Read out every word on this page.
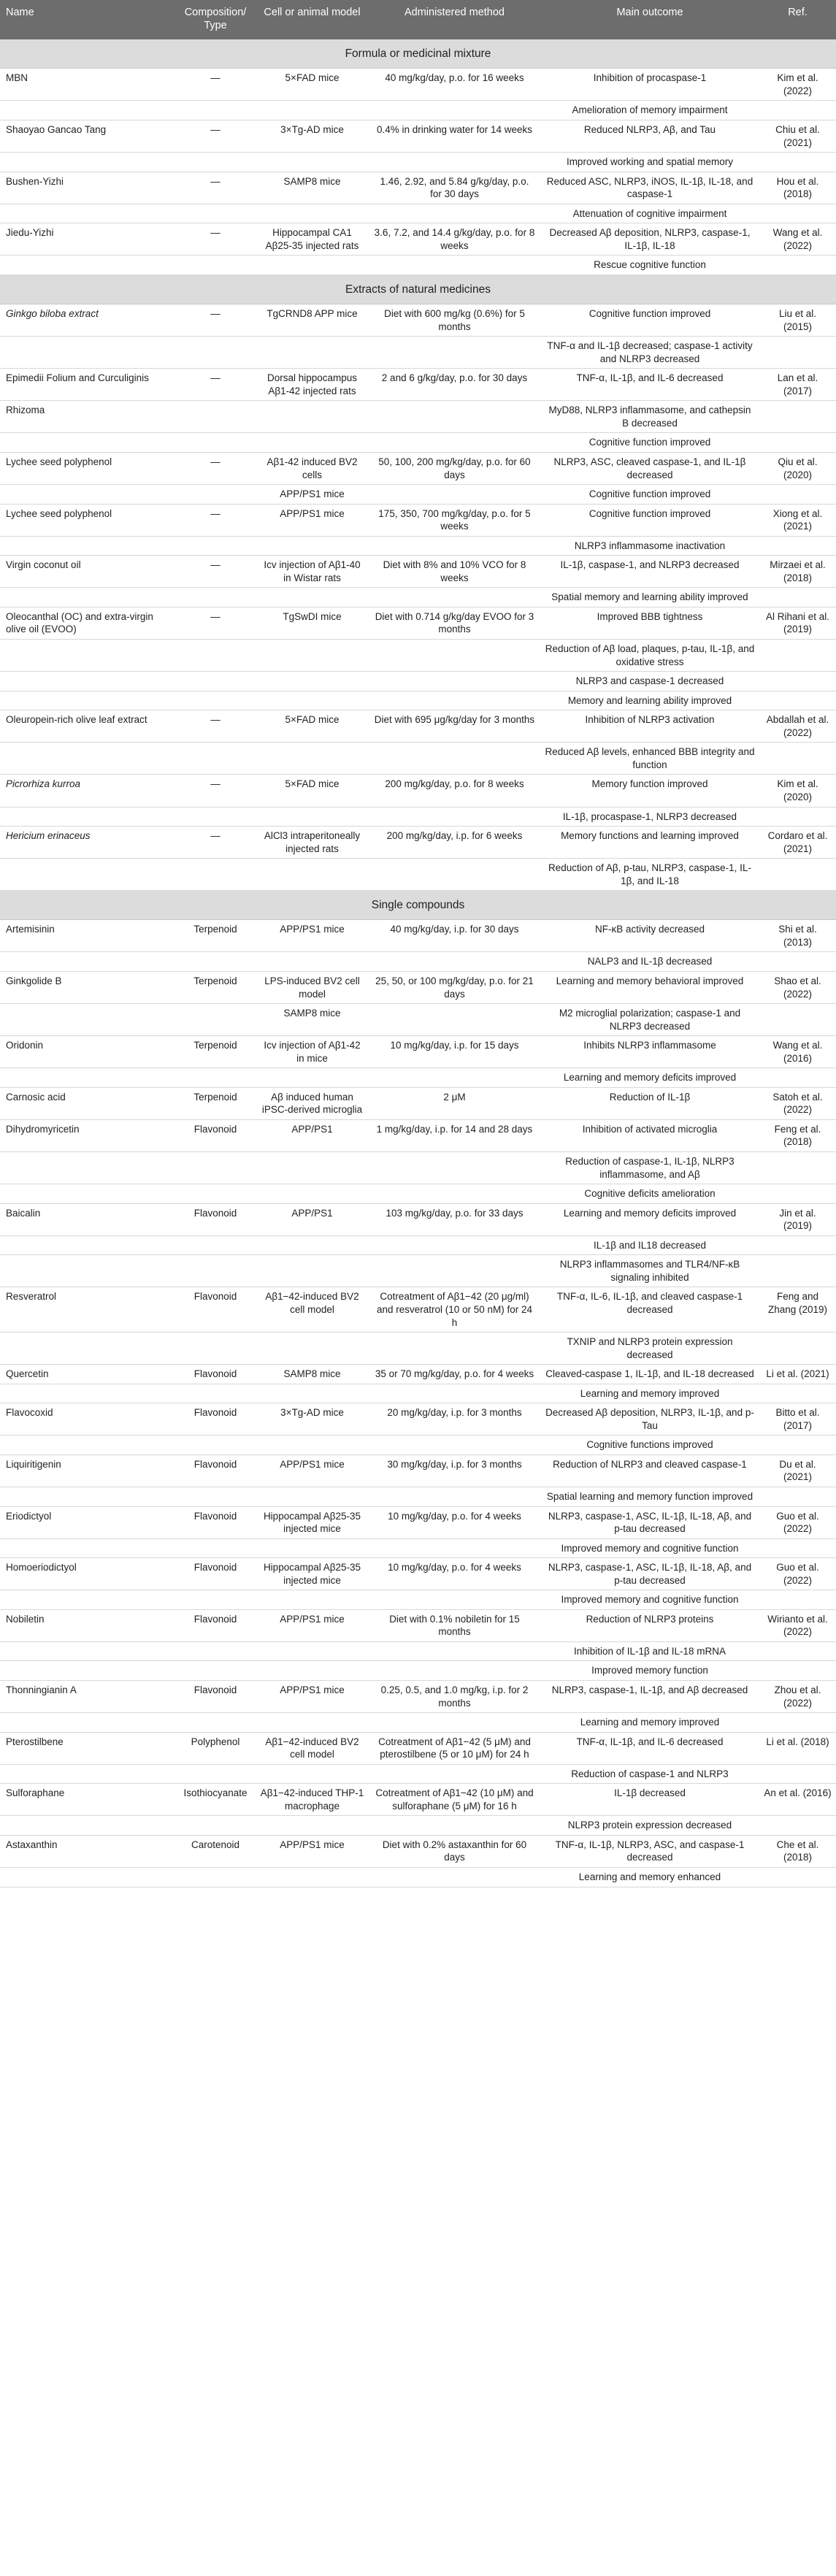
Name	Composition/ Type	Cell or animal model	Administered method	Main outcome	Ref.
Formula or medicinal mixture					
MBN	—	5×FAD mice	40 mg/kg/day, p.o. for 16 weeks	Inhibition of procaspase-1	Kim et al. (2022)
				Amelioration of memory impairment	
Shaoyao Gancao Tang	—	3×Tg-AD mice	0.4% in drinking water for 14 weeks	Reduced NLRP3, Aβ, and Tau	Chiu et al. (2021)
				Improved working and spatial memory	
Bushen-Yizhi	—	SAMP8 mice	1.46, 2.92, and 5.84 g/kg/day, p.o. for 30 days	Reduced ASC, NLRP3, iNOS, IL-1β, IL-18, and caspase-1	Hou et al. (2018)
				Attenuation of cognitive impairment	
Jiedu-Yizhi	—	Hippocampal CA1 Aβ25-35 injected rats	3.6, 7.2, and 14.4 g/kg/day, p.o. for 8 weeks	Decreased Aβ deposition, NLRP3, caspase-1, IL-1β, IL-18	Wang et al. (2022)
				Rescue cognitive function	
Extracts of natural medicines					
Ginkgo biloba extract	—	TgCRND8 APP mice	Diet with 600 mg/kg (0.6%) for 5 months	Cognitive function improved	Liu et al. (2015)
				TNF-α and IL-1β decreased; caspase-1 activity and NLRP3 decreased	
Epimedii Folium and Curculiginis	—	Dorsal hippocampus Aβ1-42 injected rats	2 and 6 g/kg/day, p.o. for 30 days	TNF-α, IL-1β, and IL-6 decreased	Lan et al. (2017)
Rhizoma				MyD88, NLRP3 inflammasome, and cathepsin B decreased	
				Cognitive function improved	
Lychee seed polyphenol	—	Aβ1-42 induced BV2 cells	50, 100, 200 mg/kg/day, p.o. for 60 days	NLRP3, ASC, cleaved caspase-1, and IL-1β decreased	Qiu et al. (2020)
		APP/PS1 mice		Cognitive function improved	
Lychee seed polyphenol	—	APP/PS1 mice	175, 350, 700 mg/kg/day, p.o. for 5 weeks	Cognitive function improved	Xiong et al. (2021)
				NLRP3 inflammasome inactivation	
Virgin coconut oil	—	Icv injection of Aβ1-40 in Wistar rats	Diet with 8% and 10% VCO for 8 weeks	IL-1β, caspase-1, and NLRP3 decreased	Mirzaei et al. (2018)
				Spatial memory and learning ability improved	
Oleocanthal (OC) and extra-virgin olive oil (EVOO)	—	TgSwDI mice	Diet with 0.714 g/kg/day EVOO for 3 months	Improved BBB tightness	Al Rihani et al. (2019)
				Reduction of Aβ load, plaques, p-tau, IL-1β, and oxidative stress	
				NLRP3 and caspase-1 decreased	
				Memory and learning ability improved	
Oleuropein-rich olive leaf extract	—	5×FAD mice	Diet with 695 μg/kg/day for 3 months	Inhibition of NLRP3 activation	Abdallah et al. (2022)
				Reduced Aβ levels, enhanced BBB integrity and function	
Picrorhiza kurroa	—	5×FAD mice	200 mg/kg/day, p.o. for 8 weeks	Memory function improved	Kim et al. (2020)
				IL-1β, procaspase-1, NLRP3 decreased	
Hericium erinaceus	—	AlCl3 intraperitoneally injected rats	200 mg/kg/day, i.p. for 6 weeks	Memory functions and learning improved	Cordaro et al. (2021)
				Reduction of Aβ, p-tau, NLRP3, caspase-1, IL-1β, and IL-18	
Single compounds					
Artemisinin	Terpenoid	APP/PS1 mice	40 mg/kg/day, i.p. for 30 days	NF-κB activity decreased	Shi et al. (2013)
				NALP3 and IL-1β decreased	
Ginkgolide B	Terpenoid	LPS-induced BV2 cell model	25, 50, or 100 mg/kg/day, p.o. for 21 days	Learning and memory behavioral improved	Shao et al. (2022)
		SAMP8 mice		M2 microglial polarization; caspase-1 and NLRP3 decreased	
Oridonin	Terpenoid	Icv injection of Aβ1-42 in mice	10 mg/kg/day, i.p. for 15 days	Inhibits NLRP3 inflammasome	Wang et al. (2016)
				Learning and memory deficits improved	
Carnosic acid	Terpenoid	Aβ induced human iPSC-derived microglia	2 μM	Reduction of IL-1β	Satoh et al. (2022)
Dihydromyricetin	Flavonoid	APP/PS1	1 mg/kg/day, i.p. for 14 and 28 days	Inhibition of activated microglia	Feng et al. (2018)
				Reduction of caspase-1, IL-1β, NLRP3 inflammasome, and Aβ	
				Cognitive deficits amelioration	
Baicalin	Flavonoid	APP/PS1	103 mg/kg/day, p.o. for 33 days	Learning and memory deficits improved	Jin et al. (2019)
				IL-1β and IL18 decreased	
				NLRP3 inflammasomes and TLR4/NF-κB signaling inhibited	
Resveratrol	Flavonoid	Aβ1−42-induced BV2 cell model	Cotreatment of Aβ1−42 (20 μg/ml) and resveratrol (10 or 50 nM) for 24 h	TNF-α, IL-6, IL-1β, and cleaved caspase-1 decreased	Feng and Zhang (2019)
				TXNIP and NLRP3 protein expression decreased	
Quercetin	Flavonoid	SAMP8 mice	35 or 70 mg/kg/day, p.o. for 4 weeks	Cleaved-caspase 1, IL-1β, and IL-18 decreased	Li et al. (2021)
				Learning and memory improved	
Flavocoxid	Flavonoid	3×Tg-AD mice	20 mg/kg/day, i.p. for 3 months	Decreased Aβ deposition, NLRP3, IL-1β, and p-Tau	Bitto et al. (2017)
				Cognitive functions improved	
Liquiritigenin	Flavonoid	APP/PS1 mice	30 mg/kg/day, i.p. for 3 months	Reduction of NLRP3 and cleaved caspase-1	Du et al. (2021)
				Spatial learning and memory function improved	
Eriodictyol	Flavonoid	Hippocampal Aβ25-35 injected mice	10 mg/kg/day, p.o. for 4 weeks	NLRP3, caspase-1, ASC, IL-1β, IL-18, Aβ, and p-tau decreased	Guo et al. (2022)
				Improved memory and cognitive function	
Homoeriodictyol	Flavonoid	Hippocampal Aβ25-35 injected mice	10 mg/kg/day, p.o. for 4 weeks	NLRP3, caspase-1, ASC, IL-1β, IL-18, Aβ, and p-tau decreased	Guo et al. (2022)
				Improved memory and cognitive function	
Nobiletin	Flavonoid	APP/PS1 mice	Diet with 0.1% nobiletin for 15 months	Reduction of NLRP3 proteins	Wirianto et al. (2022)
				Inhibition of IL-1β and IL-18 mRNA	
				Improved memory function	
Thonningianin A	Flavonoid	APP/PS1 mice	0.25, 0.5, and 1.0 mg/kg, i.p. for 2 months	NLRP3, caspase-1, IL-1β, and Aβ decreased	Zhou et al. (2022)
				Learning and memory improved	
Pterostilbene	Polyphenol	Aβ1−42-induced BV2 cell model	Cotreatment of Aβ1−42 (5 μM) and pterostilbene (5 or 10 μM) for 24 h	TNF-α, IL-1β, and IL-6 decreased	Li et al. (2018)
				Reduction of caspase-1 and NLRP3	
Sulforaphane	Isothiocyanate	Aβ1−42-induced THP-1 macrophage	Cotreatment of Aβ1−42 (10 μM) and sulforaphane (5 μM) for 16 h	IL-1β decreased	An et al. (2016)
				NLRP3 protein expression decreased	
Astaxanthin	Carotenoid	APP/PS1 mice	Diet with 0.2% astaxanthin for 60 days	TNF-α, IL-1β, NLRP3, ASC, and caspase-1 decreased	Che et al. (2018)
				Learning and memory enhanced	
